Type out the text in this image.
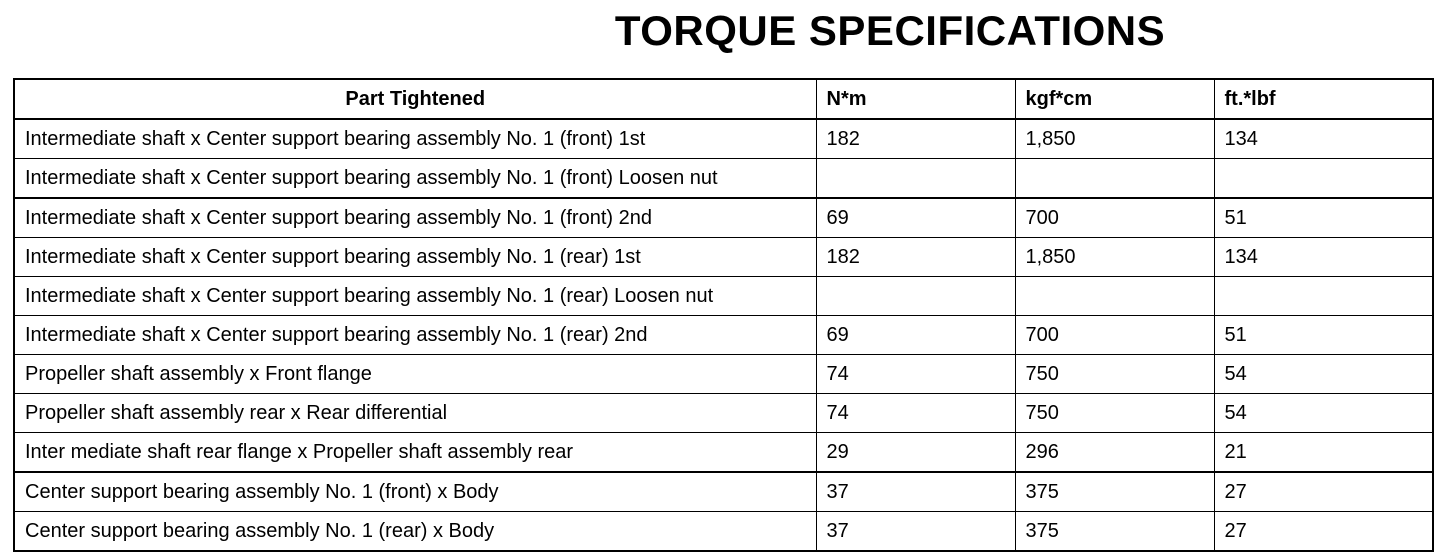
TORQUE SPECIFICATIONS
Part Tightened	N*m	kgf*cm	ft.*lbf
Intermediate shaft x Center support bearing assembly No. 1 (front) 1st	182	1,850	134
Intermediate shaft x Center support bearing assembly No. 1 (front) Loosen nut			
Intermediate shaft x Center support bearing assembly No. 1 (front) 2nd	69	700	51
Intermediate shaft x Center support bearing assembly No. 1 (rear) 1st	182	1,850	134
Intermediate shaft x Center support bearing assembly No. 1 (rear) Loosen nut			
Intermediate shaft x Center support bearing assembly No. 1 (rear) 2nd	69	700	51
Propeller shaft assembly x Front flange	74	750	54
Propeller shaft assembly rear x Rear differential	74	750	54
Inter mediate shaft rear flange x Propeller shaft assembly rear	29	296	21
Center support bearing assembly No. 1 (front) x Body	37	375	27
Center support bearing assembly No. 1 (rear) x Body	37	375	27
